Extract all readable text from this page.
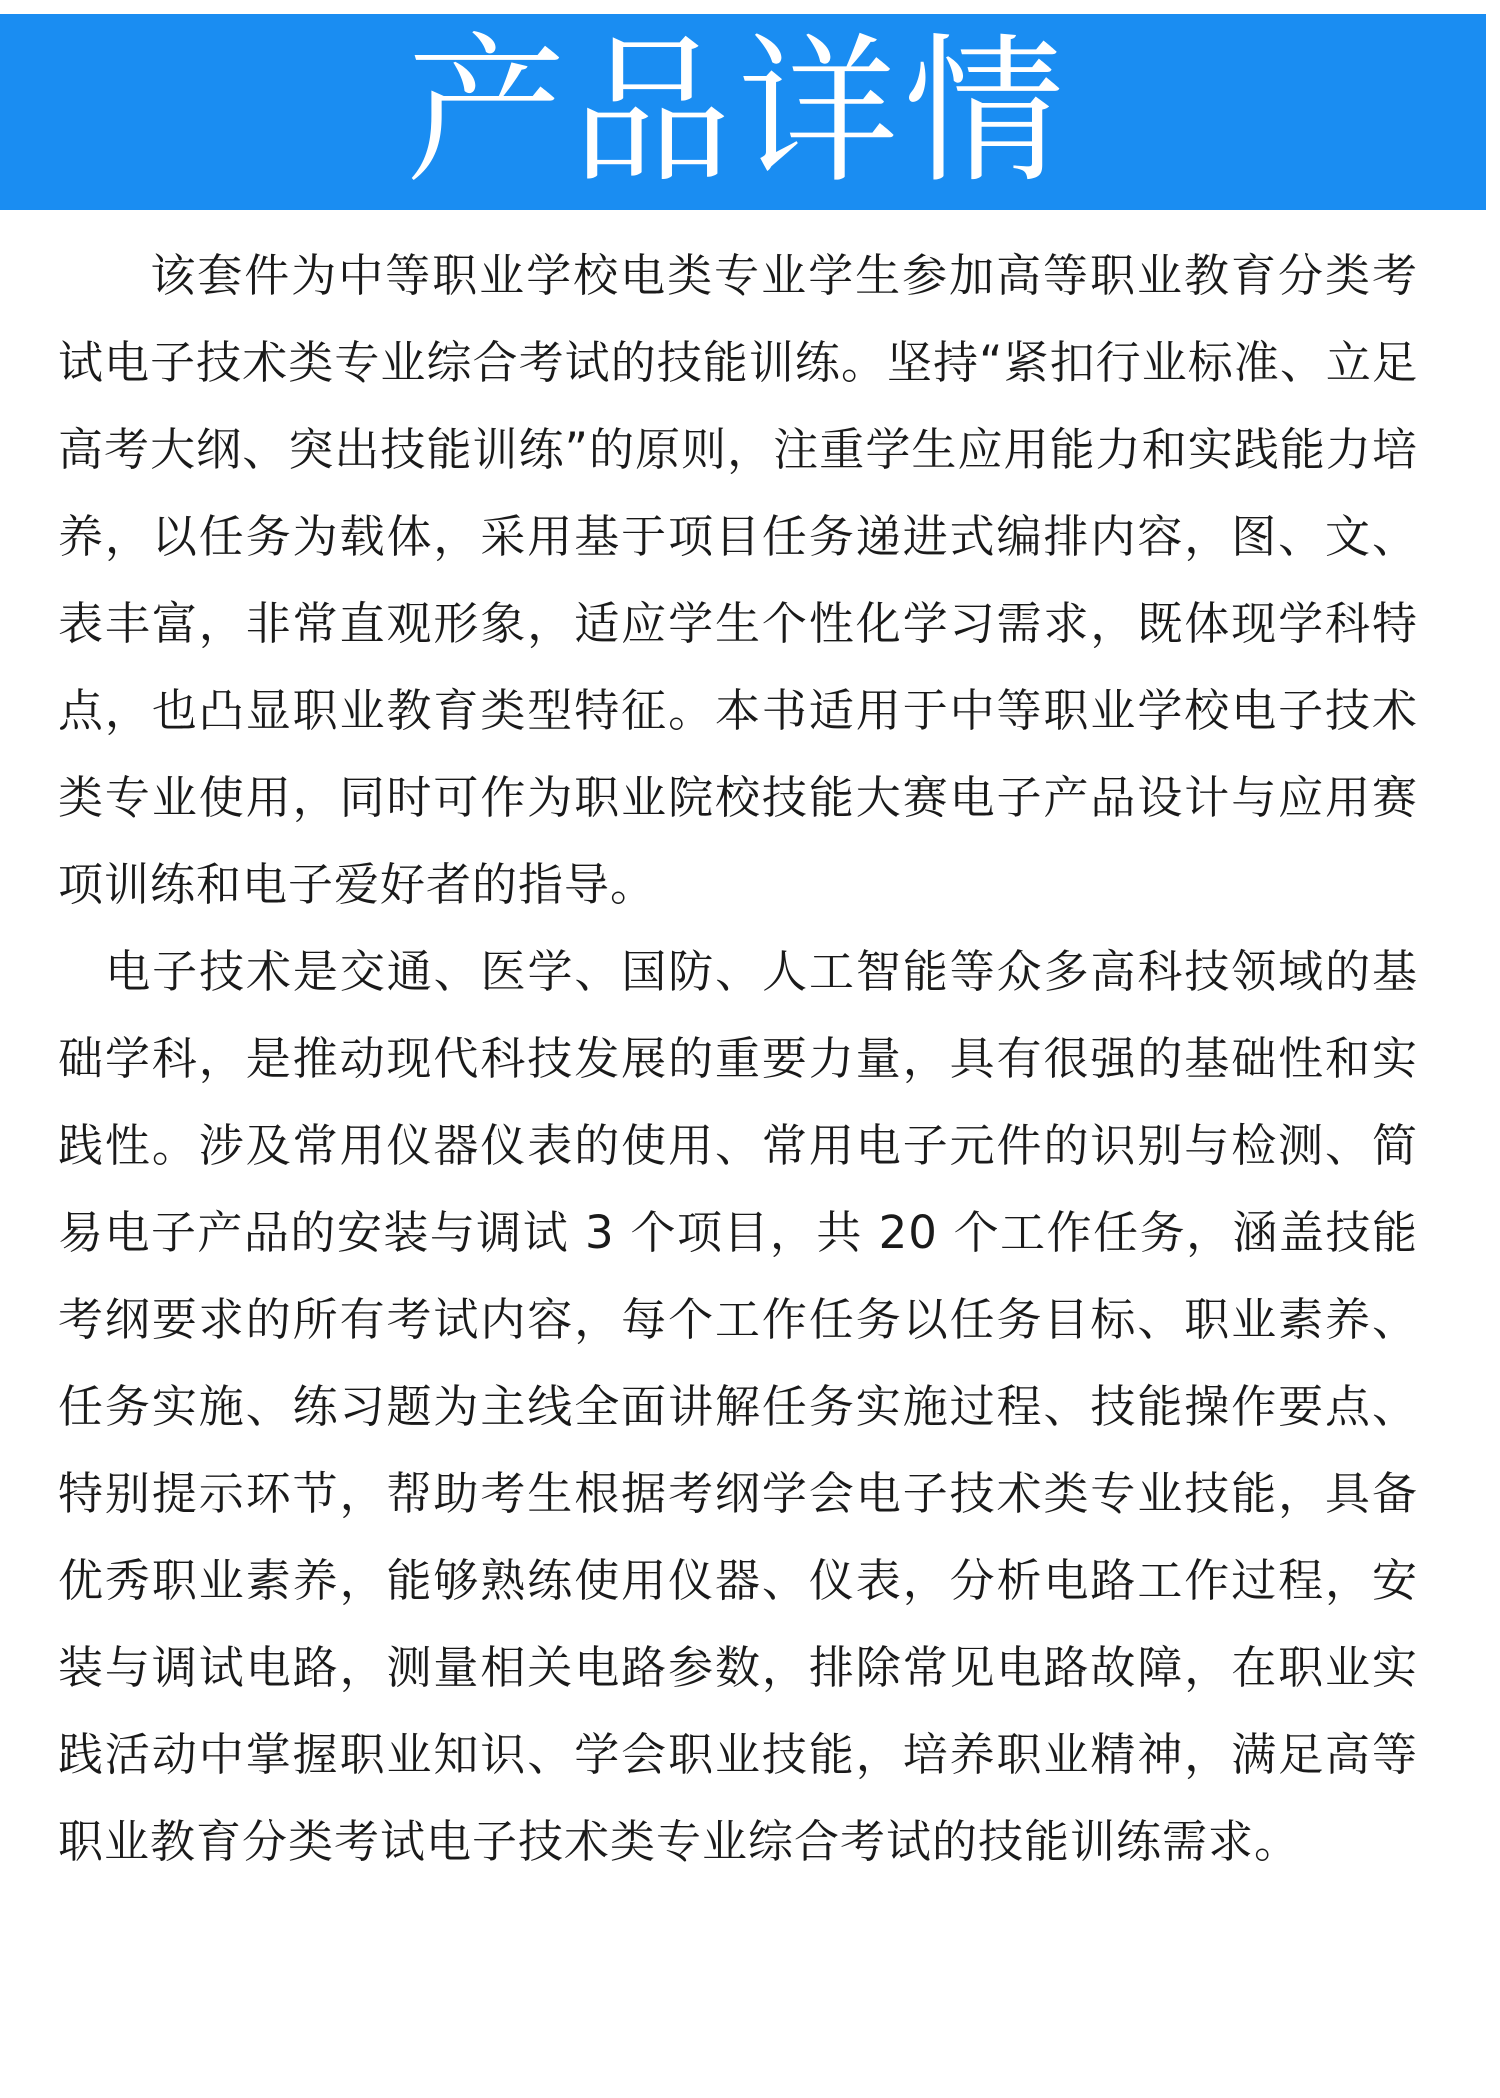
产品详情

该套件为中等职业学校电类专业学生参加高等职业教育分类考试电子技术类专业综合考试的技能训练。坚持“紧扣行业标准、立足高考大纲、突出技能训练”的原则，注重学生应用能力和实践能力培养，以任务为载体，采用基于项目任务递进式编排内容，图、文、表丰富，非常直观形象，适应学生个性化学习需求，既体现学科特点，也凸显职业教育类型特征。本书适用于中等职业学校电子技术类专业使用，同时可作为职业院校技能大赛电子产品设计与应用赛项训练和电子爱好者的指导。

电子技术是交通、医学、国防、人工智能等众多高科技领域的基础学科，是推动现代科技发展的重要力量，具有很强的基础性和实践性。涉及常用仪器仪表的使用、常用电子元件的识别与检测、简易电子产品的安装与调试 3 个项目，共 20 个工作任务，涵盖技能考纲要求的所有考试内容，每个工作任务以任务目标、职业素养、任务实施、练习题为主线全面讲解任务实施过程、技能操作要点、特别提示环节，帮助考生根据考纲学会电子技术类专业技能，具备优秀职业素养，能够熟练使用仪器、仪表，分析电路工作过程，安装与调试电路，测量相关电路参数，排除常见电路故障，在职业实践活动中掌握职业知识、学会职业技能，培养职业精神，满足高等职业教育分类考试电子技术类专业综合考试的技能训练需求。
